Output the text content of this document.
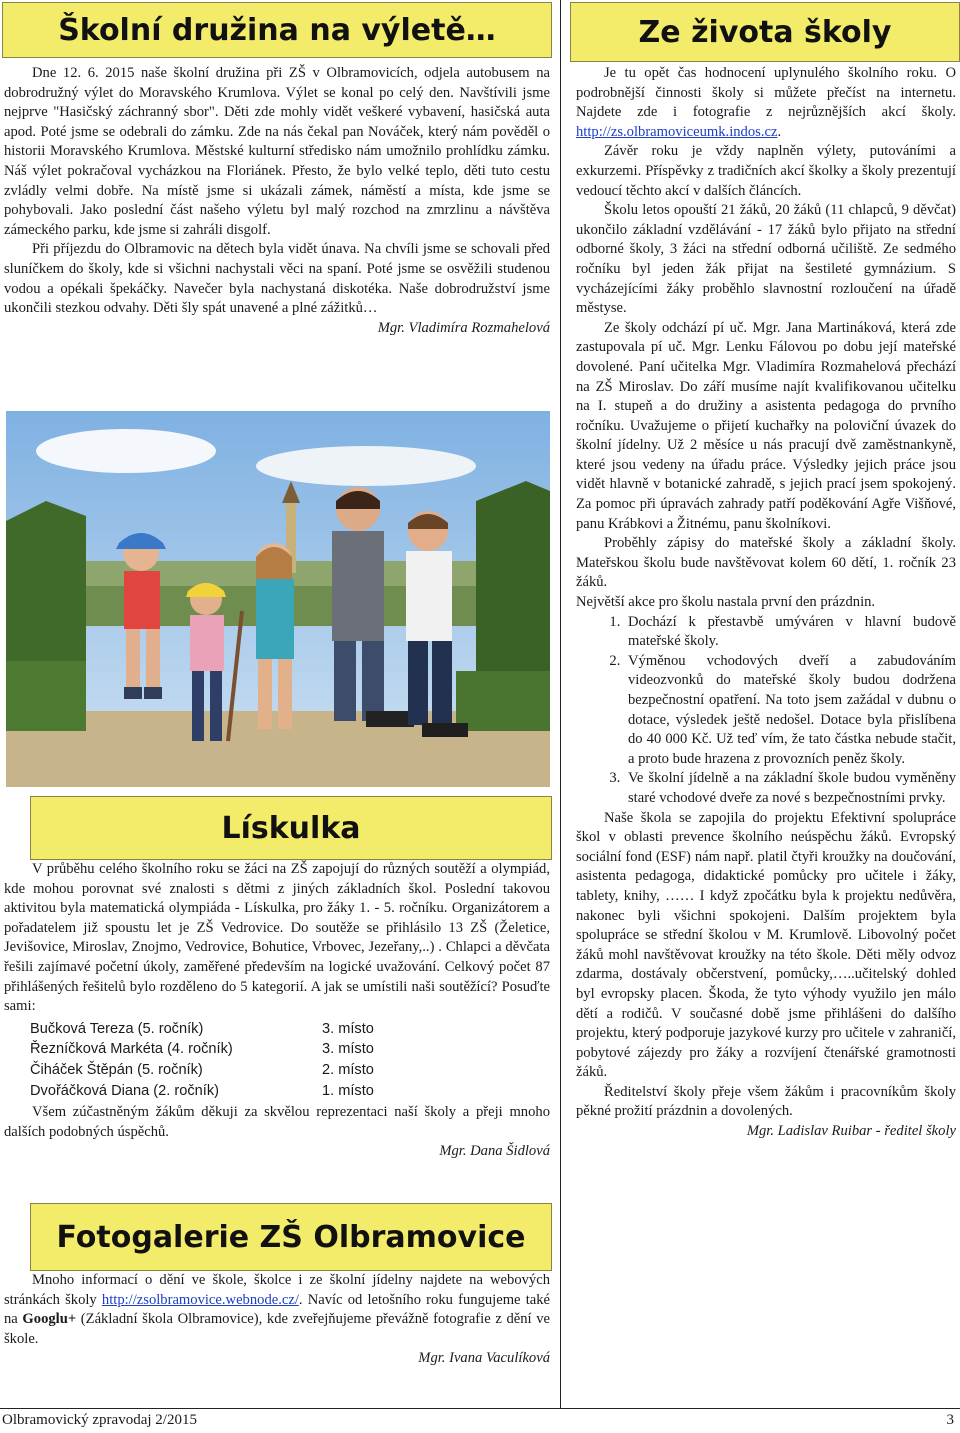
Školní družina na výletě…	Ze života školy

Dne 12. 6. 2015 naše školní družina při ZŠ v Olbramovicích, odjela autobusem na dobrodružný výlet do Moravského Krumlova. Výlet se konal po celý den. Navštívili jsme nejprve "Hasičský záchranný sbor". Děti zde mohly vidět veškeré vybavení, hasičská auta apod. Poté jsme se odebrali do zámku. Zde na nás čekal pan Nováček, který nám pověděl o historii Moravského Krumlova. Městské kulturní středisko nám umožnilo prohlídku zámku. Náš výlet pokračoval vycházkou na Floriánek. Přesto, že bylo velké teplo, děti tuto cestu zvládly velmi dobře. Na místě jsme si ukázali zámek, náměstí a místa, kde jsme se pohybovali. Jako poslední část našeho výletu byl malý rozchod na zmrzlinu a návštěva zámeckého parku, kde jsme si zahráli disgolf.

Při příjezdu do Olbramovic na dětech byla vidět únava. Na chvíli jsme se schovali před sluníčkem do školy, kde si všichni nachystali věci na spaní. Poté jsme se osvěžili studenou vodou a opékali špekáčky. Navečer byla nachystaná diskotéka. Naše dobrodružství jsme ukončili stezkou odvahy. Děti šly spát unavené a plné zážitků…

Mgr. Vladimíra Rozmahelová

Lískulka

V průběhu celého školního roku se žáci na ZŠ zapojují do různých soutěží a olympiád, kde mohou porovnat své znalosti s dětmi z jiných základních škol. Poslední takovou aktivitou byla matematická olympiáda - Lískulka, pro žáky 1. - 5. ročníku. Organizátorem a pořadatelem již spoustu let je ZŠ Vedrovice. Do soutěže se přihlásilo 13 ZŠ (Želetice, Jevišovice, Miroslav, Znojmo, Vedrovice, Bohutice, Vrbovec, Jezeřany,..) . Chlapci a děvčata řešili zajímavé početní úkoly, zaměřené především na logické uvažování. Celkový počet 87 přihlášených řešitelů bylo rozděleno do 5 kategorií. A jak se umístili naši soutěžící? Posuďte sami:

Bučková Tereza (5. ročník)	3. místo
Řezníčková Markéta (4. ročník)	3. místo
Čiháček Štěpán (5. ročník)	2. místo
Dvořáčková Diana (2. ročník)	1. místo

Všem zúčastněným žákům děkuji za skvělou reprezentaci naší školy a přeji mnoho dalších podobných úspěchů.

Mgr. Dana Šidlová

Fotogalerie ZŠ Olbramovice

Mnoho informací o dění ve škole, školce i ze školní jídelny najdete na webových stránkách školy http://zsolbramovice.webnode.cz/. Navíc od letošního roku fungujeme také na Googlu+ (Základní škola Olbramovice), kde zveřejňujeme převážně fotografie z dění ve škole.

Mgr. Ivana Vaculíková

Je tu opět čas hodnocení uplynulého školního roku. O podrobnější činnosti školy si můžete přečíst na internetu. Najdete zde i fotografie z nejrůznějších akcí školy. http://zs.olbramoviceumk.indos.cz.

Závěr roku je vždy naplněn výlety, putováními a exkurzemi. Příspěvky z tradičních akcí školky a školy prezentují vedoucí těchto akcí v dalších článcích.

Školu letos opouští 21 žáků, 20 žáků (11 chlapců, 9 děvčat) ukončilo základní vzdělávání - 17 žáků bylo přijato na střední odborné školy, 3 žáci na střední odborná učiliště. Ze sedmého ročníku byl jeden žák přijat na šestileté gymnázium. S vycházejícími žáky proběhlo slavnostní rozloučení na úřadě městyse.

Ze školy odchází pí uč. Mgr. Jana Martináková, která zde zastupovala pí uč. Mgr. Lenku Fálovou po dobu její mateřské dovolené. Paní učitelka Mgr. Vladimíra Rozmahelová přechází na ZŠ Miroslav. Do září musíme najít kvalifikovanou učitelku na I. stupeň a do družiny a asistenta pedagoga do prvního ročníku. Uvažujeme o přijetí kuchařky na poloviční úvazek do školní jídelny. Už 2 měsíce u nás pracují dvě zaměstnankyně, které jsou vedeny na úřadu práce. Výsledky jejich práce jsou vidět hlavně v botanické zahradě, s jejich prací jsem spokojený. Za pomoc při úpravách zahrady patří poděkování Agře Višňové, panu Krábkovi a Žitnému, panu školníkovi.

Proběhly zápisy do mateřské školy a základní školy. Mateřskou školu bude navštěvovat kolem 60 dětí, 1. ročník 23 žáků.

Největší akce pro školu nastala první den prázdnin.

1. Dochází k přestavbě umýváren v hlavní budově mateřské školy.
2. Výměnou vchodových dveří a zabudováním videozvonků do mateřské školy budou dodržena bezpečnostní opatření. Na toto jsem zažádal v dubnu o dotace, výsledek ještě nedošel. Dotace byla přislíbena do 40 000 Kč. Už teď vím, že tato částka nebude stačit, a proto bude hrazena z provozních peněz školy.
3. Ve školní jídelně a na základní škole budou vyměněny staré vchodové dveře za nové s bezpečnostními prvky.

Naše škola se zapojila do projektu Efektivní spolupráce škol v oblasti prevence školního neúspěchu žáků. Evropský sociální fond (ESF) nám např. platil čtyři kroužky na doučování, asistenta pedagoga, didaktické pomůcky pro učitele i žáky, tablety, knihy, …… I když zpočátku byla k projektu nedůvěra, nakonec byli všichni spokojeni. Dalším projektem byla spolupráce se střední školou v M. Krumlově. Libovolný počet žáků mohl navštěvovat kroužky na této škole. Děti měly odvoz zdarma, dostávaly občerstvení, pomůcky,…..učitelský dohled byl evropsky placen. Škoda, že tyto výhody využilo jen málo dětí a rodičů. V současné době jsme přihlášeni do dalšího projektu, který podporuje jazykové kurzy pro učitele v zahraničí, pobytové zájezdy pro žáky a rozvíjení čtenářské gramotnosti žáků.

Ředitelství školy přeje všem žákům i pracovníkům školy pěkné prožití prázdnin a dovolených.

Mgr. Ladislav Ruibar - ředitel školy

Olbramovický zpravodaj 2/2015	3
